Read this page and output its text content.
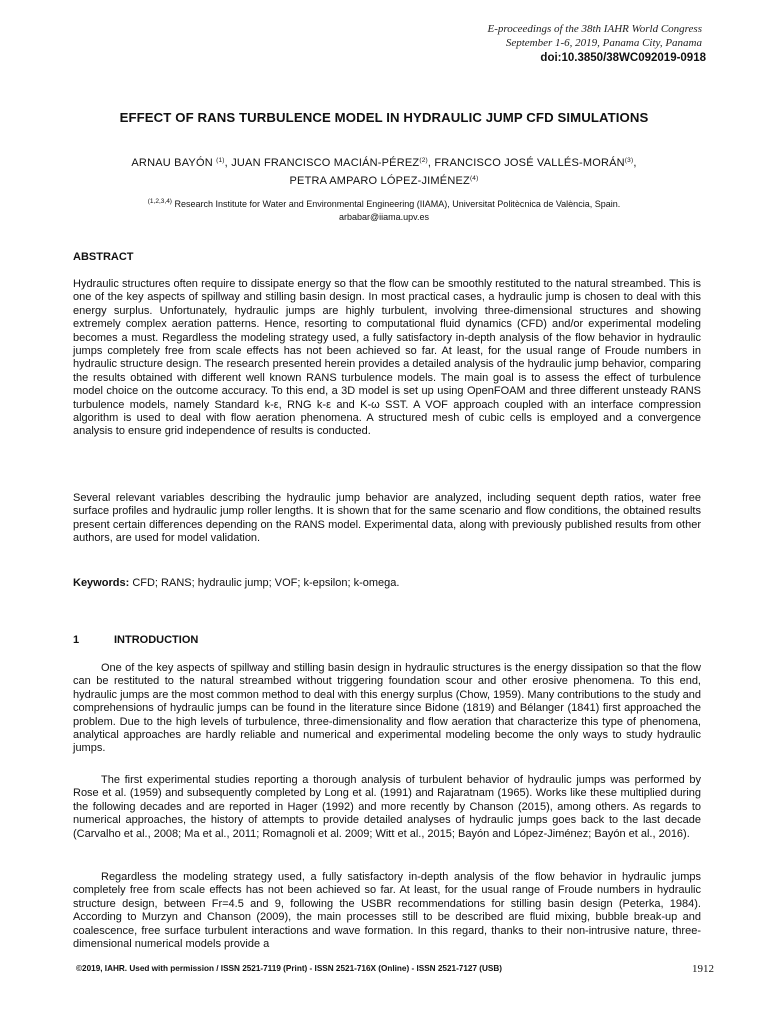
E-proceedings of the 38th IAHR World Congress
September 1-6, 2019, Panama City, Panama
doi:10.3850/38WC092019-0918
EFFECT OF RANS TURBULENCE MODEL IN HYDRAULIC JUMP CFD SIMULATIONS
ARNAU BAYÓN $^{(1)}$, JUAN FRANCISCO MACIÁN-PÉREZ$^{(2)}$, FRANCISCO JOSÉ VALLÉS-MORÁN$^{(3)}$,
PETRA AMPARO LÓPEZ-JIMÉNEZ$^{(4)}$
$^{(1,2,3,4)}$ Research Institute for Water and Environmental Engineering (IIAMA), Universitat Politècnica de València, Spain.
arbabar@iiama.upv.es
ABSTRACT

Hydraulic structures often require to dissipate energy so that the flow can be smoothly restituted to the natural streambed. This is one of the key aspects of spillway and stilling basin design. In most practical cases, a hydraulic jump is chosen to deal with this energy surplus. Unfortunately, hydraulic jumps are highly turbulent, involving three-dimensional structures and showing extremely complex aeration patterns. Hence, resorting to computational fluid dynamics (CFD) and/or experimental modeling becomes a must. Regardless the modeling strategy used, a fully satisfactory in-depth analysis of the flow behavior in hydraulic jumps completely free from scale effects has not been achieved so far. At least, for the usual range of Froude numbers in hydraulic structure design. The research presented herein provides a detailed analysis of the hydraulic jump behavior, comparing the results obtained with different well known RANS turbulence models. The main goal is to assess the effect of turbulence model choice on the outcome accuracy. To this end, a 3D model is set up using OpenFOAM and three different unsteady RANS turbulence models, namely Standard k-ε, RNG k-ε and K-ω SST. A VOF approach coupled with an interface compression algorithm is used to deal with flow aeration phenomena. A structured mesh of cubic cells is employed and a convergence analysis to ensure grid independence of results is conducted.

Several relevant variables describing the hydraulic jump behavior are analyzed, including sequent depth ratios, water free surface profiles and hydraulic jump roller lengths. It is shown that for the same scenario and flow conditions, the obtained results present certain differences depending on the RANS model. Experimental data, along with previously published results from other authors, are used for model validation.

Keywords: CFD; RANS; hydraulic jump; VOF; k-epsilon; k-omega.
1	INTRODUCTION

One of the key aspects of spillway and stilling basin design in hydraulic structures is the energy dissipation so that the flow can be restituted to the natural streambed without triggering foundation scour and other erosive phenomena. To this end, hydraulic jumps are the most common method to deal with this energy surplus (Chow, 1959). Many contributions to the study and comprehensions of hydraulic jumps can be found in the literature since Bidone (1819) and Bélanger (1841) first approached the problem. Due to the high levels of turbulence, three-dimensionality and flow aeration that characterize this type of phenomena, analytical approaches are hardly reliable and numerical and experimental modeling become the only ways to study hydraulic jumps.

The first experimental studies reporting a thorough analysis of turbulent behavior of hydraulic jumps was performed by Rose et al. (1959) and subsequently completed by Long et al. (1991) and Rajaratnam (1965). Works like these multiplied during the following decades and are reported in Hager (1992) and more recently by Chanson (2015), among others. As regards to numerical approaches, the history of attempts to provide detailed analyses of hydraulic jumps goes back to the last decade (Carvalho et al., 2008; Ma et al., 2011; Romagnoli et al. 2009; Witt et al., 2015; Bayón and López-Jiménez; Bayón et al., 2016).

Regardless the modeling strategy used, a fully satisfactory in-depth analysis of the flow behavior in hydraulic jumps completely free from scale effects has not been achieved so far. At least, for the usual range of Froude numbers in hydraulic structure design, between Fr=4.5 and 9, following the USBR recommendations for stilling basin design (Peterka, 1984). According to Murzyn and Chanson (2009), the main processes still to be described are fluid mixing, bubble break-up and coalescence, free surface turbulent interactions and wave formation. In this regard, thanks to their non-intrusive nature, three-dimensional numerical models provide a

©2019, IAHR. Used with permission / ISSN 2521-7119 (Print) - ISSN 2521-716X (Online) - ISSN 2521-7127 (USB)	1912
